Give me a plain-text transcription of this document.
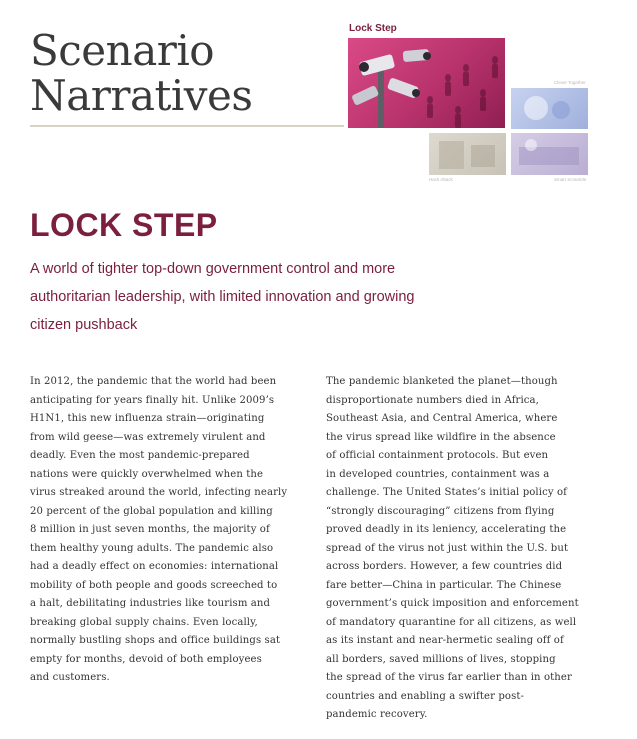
Scenario
Narratives
Lock Step
Clever Together
Hack Attack	Smart Scramble
LOCK STEP
A world of tighter top-down government control and more
authoritarian leadership, with limited innovation and growing
citizen pushback
In 2012, the pandemic that the world had been
anticipating for years finally hit. Unlike 2009’s
H1N1, this new influenza strain—originating
from wild geese—was extremely virulent and
deadly. Even the most pandemic-prepared
nations were quickly overwhelmed when the
virus streaked around the world, infecting nearly
20 percent of the global population and killing
8 million in just seven months, the majority of
them healthy young adults. The pandemic also
had a deadly effect on economies: international
mobility of both people and goods screeched to
a halt, debilitating industries like tourism and
breaking global supply chains. Even locally,
normally bustling shops and office buildings sat
empty for months, devoid of both employees
and customers.
The pandemic blanketed the planet—though
disproportionate numbers died in Africa,
Southeast Asia, and Central America, where
the virus spread like wildfire in the absence
of official containment protocols. But even
in developed countries, containment was a
challenge. The United States’s initial policy of
“strongly discouraging” citizens from flying
proved deadly in its leniency, accelerating the
spread of the virus not just within the U.S. but
across borders. However, a few countries did
fare better—China in particular. The Chinese
government’s quick imposition and enforcement
of mandatory quarantine for all citizens, as well
as its instant and near-hermetic sealing off of
all borders, saved millions of lives, stopping
the spread of the virus far earlier than in other
countries and enabling a swifter post-
pandemic recovery.
